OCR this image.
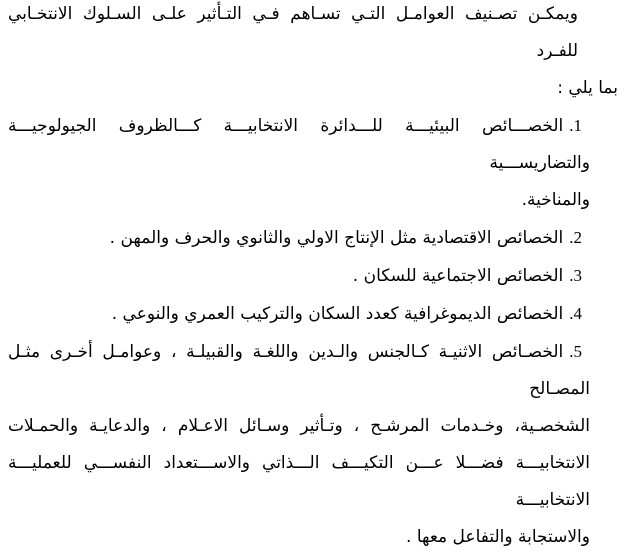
ويمكـن تصـنيف العوامـل التـي تسـاهم فـي التـأثير علـى السـلوك الانتخـابي للفـرد
بما يلي :
1.الخصـــائص البيئيـــة للـــدائرة الانتخابيـــة كـــالظروف الجيولوجيـــة والتضاريســـية
والمناخية.
2.الخصائص الاقتصادية مثل الإنتاج الاولي والثانوي والحرف والمهن .
3.الخصائص الاجتماعية للسكان .
4.الخصائص الديموغرافية كعدد السكان والتركيب العمري والنوعي .
5.الخصـائص الاثنيـة كـالجنس والـدين واللغـة والقبيلـة ، وعوامـل أخـرى مثـل المصـالح
الشخصـية، وخـدمات المرشـح ، وتـأثير وسـائل الاعـلام ، والدعايـة والحمـلات
الانتخابيـــة فضـــلا عـــن التكيـــف الـــذاتي والاســـتعداد النفســـي للعمليـــة الانتخابيـــة
والاستجابة والتفاعل معها .
